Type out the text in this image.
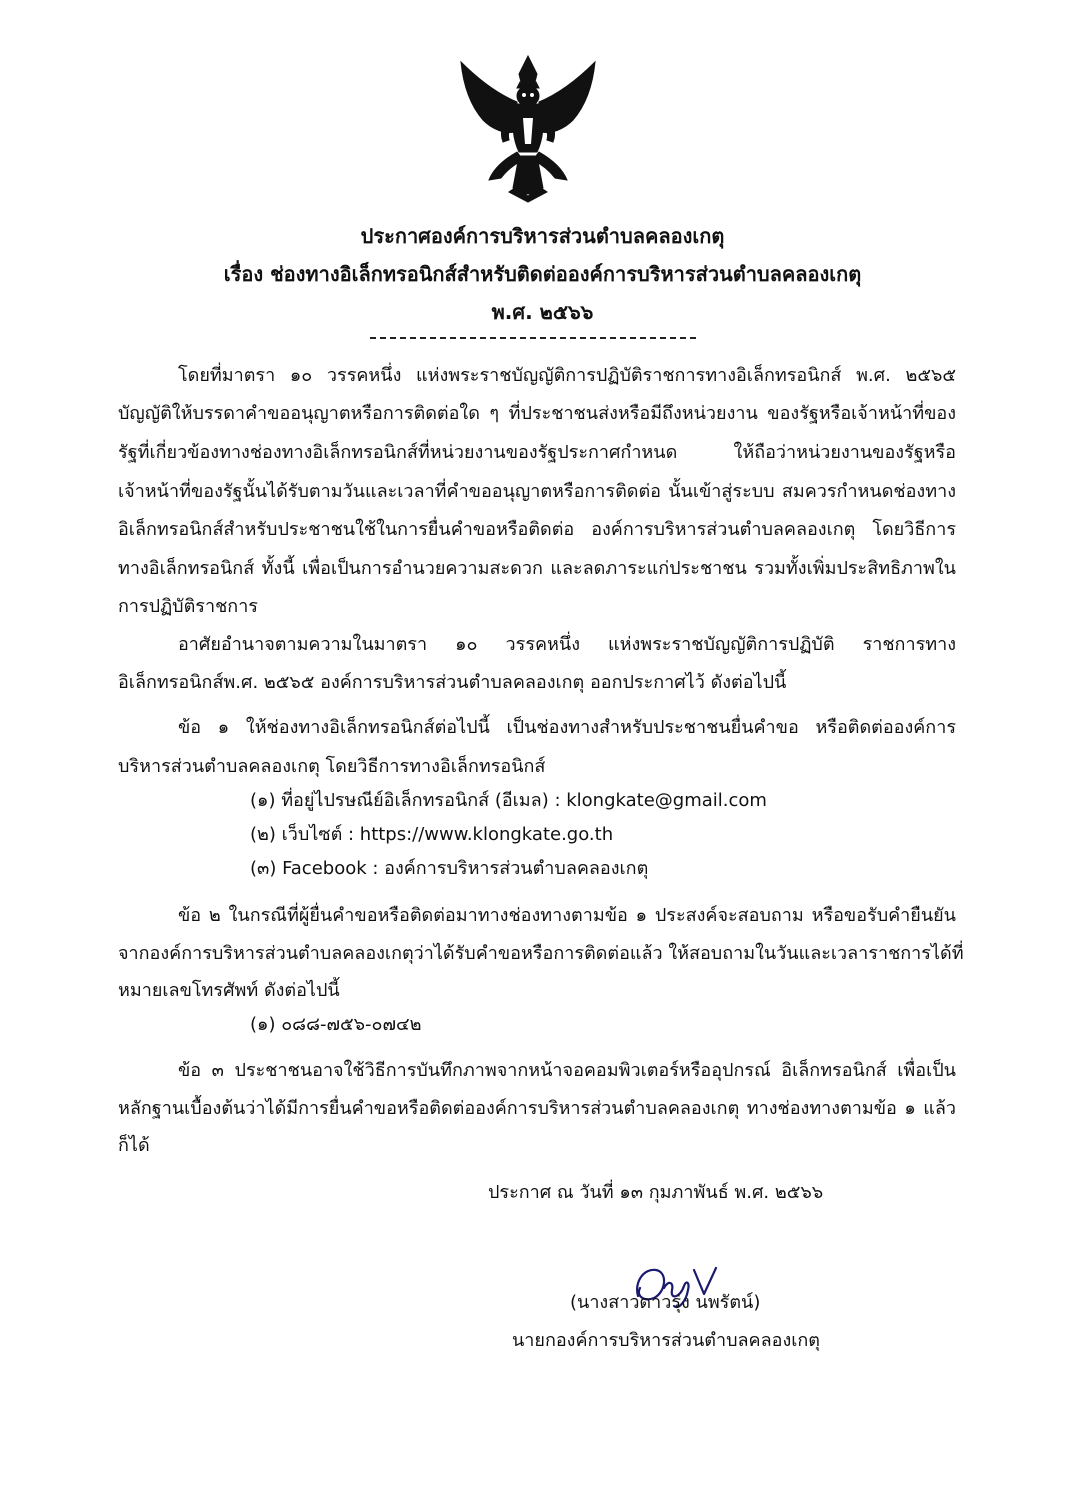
ประกาศองค์การบริหารส่วนตำบลคลองเกตุ
เรื่อง ช่องทางอิเล็กทรอนิกส์สำหรับติดต่อองค์การบริหารส่วนตำบลคลองเกตุ
พ.ศ. ๒๕๖๖
โดยที่มาตรา ๑๐ วรรคหนึ่ง แห่งพระราชบัญญัติการปฏิบัติราชการทางอิเล็กทรอนิกส์ พ.ศ. ๒๕๖๕
บัญญัติให้บรรดาคำขออนุญาตหรือการติดต่อใด ๆ ที่ประชาชนส่งหรือมีถึงหน่วยงาน ของรัฐหรือเจ้าหน้าที่ของ
รัฐที่เกี่ยวข้องทางช่องทางอิเล็กทรอนิกส์ที่หน่วยงานของรัฐประกาศกำหนด ให้ถือว่าหน่วยงานของรัฐหรือ
เจ้าหน้าที่ของรัฐนั้นได้รับตามวันและเวลาที่คำขออนุญาตหรือการติดต่อ นั้นเข้าสู่ระบบ สมควรกำหนดช่องทาง
อิเล็กทรอนิกส์สำหรับประชาชนใช้ในการยื่นคำขอหรือติดต่อ องค์การบริหารส่วนตำบลคลองเกตุ โดยวิธีการ
ทางอิเล็กทรอนิกส์ ทั้งนี้ เพื่อเป็นการอำนวยความสะดวก และลดภาระแก่ประชาชน รวมทั้งเพิ่มประสิทธิภาพใน
การปฏิบัติราชการ
อาศัยอำนาจตามความในมาตรา ๑๐ วรรคหนึ่ง แห่งพระราชบัญญัติการปฏิบัติ ราชการทาง
อิเล็กทรอนิกส์พ.ศ. ๒๕๖๕ องค์การบริหารส่วนตำบลคลองเกตุ ออกประกาศไว้ ดังต่อไปนี้
ข้อ ๑ ให้ช่องทางอิเล็กทรอนิกส์ต่อไปนี้ เป็นช่องทางสำหรับประชาชนยื่นคำขอ หรือติดต่อองค์การ
บริหารส่วนตำบลคลองเกตุ โดยวิธีการทางอิเล็กทรอนิกส์
(๑) ที่อยู่ไปรษณีย์อิเล็กทรอนิกส์ (อีเมล) : klongkate@gmail.com
(๒) เว็บไซต์ : https://www.klongkate.go.th
(๓) Facebook : องค์การบริหารส่วนตำบลคลองเกตุ
ข้อ ๒ ในกรณีที่ผู้ยื่นคำขอหรือติดต่อมาทางช่องทางตามข้อ ๑ ประสงค์จะสอบถาม หรือขอรับคำยืนยัน
จากองค์การบริหารส่วนตำบลคลองเกตุว่าได้รับคำขอหรือการติดต่อแล้ว ให้สอบถามในวันและเวลาราชการได้ที่
หมายเลขโทรศัพท์ ดังต่อไปนี้
(๑) ๐๘๘-๗๕๖-๐๗๔๒
ข้อ ๓ ประชาชนอาจใช้วิธีการบันทึกภาพจากหน้าจอคอมพิวเตอร์หรืออุปกรณ์ อิเล็กทรอนิกส์ เพื่อเป็น
หลักฐานเบื้องต้นว่าได้มีการยื่นคำขอหรือติดต่อองค์การบริหารส่วนตำบลคลองเกตุ ทางช่องทางตามข้อ ๑ แล้ว
ก็ได้
ประกาศ ณ วันที่ ๑๓ กุมภาพันธ์ พ.ศ. ๒๕๖๖
(นางสาวดาวรุ่ง นพรัตน์)
นายกองค์การบริหารส่วนตำบลคลองเกตุ
